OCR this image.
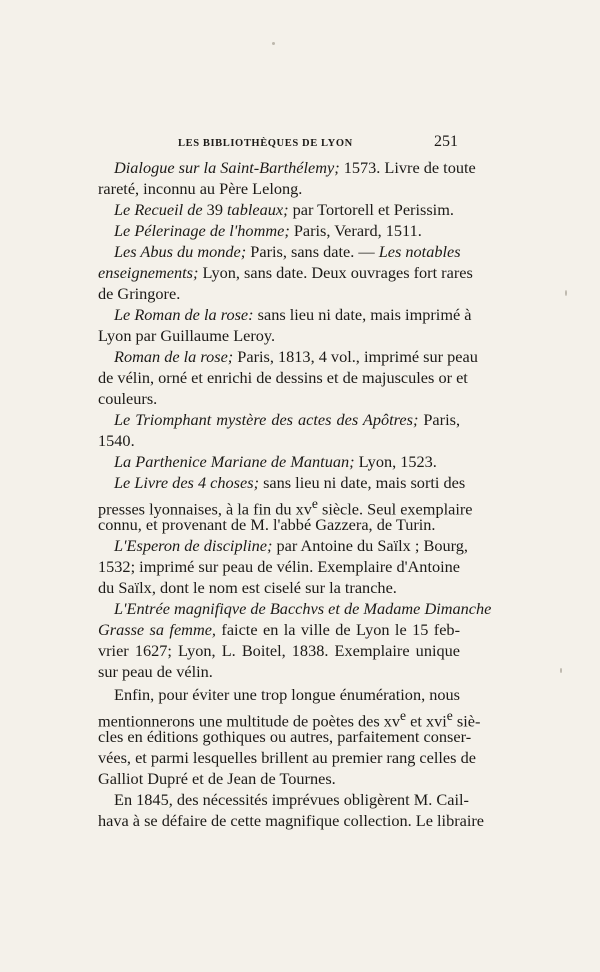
LES BIBLIOTHÈQUES DE LYON	251
Dialogue sur la Saint-Barthélemy; 1573. Livre de toute
rareté, inconnu au Père Lelong.
Le Recueil de 39 tableaux; par Tortorell et Perissim.
Le Pélerinage de l'homme; Paris, Verard, 1511.
Les Abus du monde; Paris, sans date. — Les notables
enseignements; Lyon, sans date. Deux ouvrages fort rares
de Gringore.
Le Roman de la rose: sans lieu ni date, mais imprimé à
Lyon par Guillaume Leroy.
Roman de la rose; Paris, 1813, 4 vol., imprimé sur peau
de vélin, orné et enrichi de dessins et de majuscules or et
couleurs.
Le Triomphant mystère des actes des Apôtres; Paris,
1540.
La Parthenice Mariane de Mantuan; Lyon, 1523.
Le Livre des 4 choses; sans lieu ni date, mais sorti des
presses lyonnaises, à la fin du $xv^e$ siècle. Seul exemplaire
connu, et provenant de M. l'abbé Gazzera, de Turin.
L'Esperon de discipline; par Antoine du Saïlx ; Bourg,
1532; imprimé sur peau de vélin. Exemplaire d'Antoine
du Saïlx, dont le nom est ciselé sur la tranche.
L'Entrée magnifiqve de Bacchvs et de Madame Dimanche
Grasse sa femme, faicte en la ville de Lyon le 15 feb-
vrier 1627; Lyon, L. Boitel, 1838. Exemplaire unique
sur peau de vélin.
Enfin, pour éviter une trop longue énumération, nous
mentionnerons une multitude de poètes des $xv^e$ et xvi$^e$ siè-
cles en éditions gothiques ou autres, parfaitement conser-
vées, et parmi lesquelles brillent au premier rang celles de
Galliot Dupré et de Jean de Tournes.
En 1845, des nécessités imprévues obligèrent M. Cail-
hava à se défaire de cette magnifique collection. Le libraire
